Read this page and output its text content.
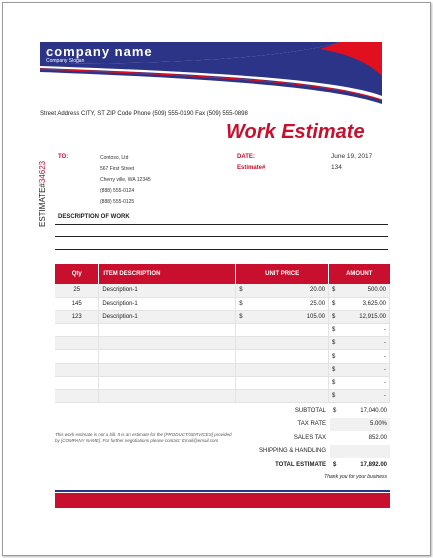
company name
Company Slogan
Street Address CITY, ST ZIP Code Phone (509) 555-0190 Fax (509) 555-0898
Work Estimate
ESTIMATE#34623
TO:	Contoso, Ltd
567 First Street
Cherry ville, WA 12345
(888) 555-0124
(888) 555-0125
DATE:	June 19, 2017
Estimate#	134
DESCRIPTION OF WORK
Qty	ITEM DESCRIPTION	UNIT PRICE	AMOUNT
25	Description-1	$ 20.00	$ 500.00

145	Description-1	$ 25.00	$ 3,625.00

123	Description-1	$ 105.00	$ 12,915.00

			$ -

			$ -

			$ -

			$ -

			$ -

			$ -
SUBTOTAL $	17,040.00
TAX RATE	5.00%
SALES TAX	852.00
SHIPPING & HANDLING
TOTAL ESTIMATE $	17,892.00
This work estimate is not a bill. It is an estimate for the [PRODUCT/SERVICES] provided by [COMPANY NAME]. For further negotiations please contact: Email@email.com
Thank you for your business
